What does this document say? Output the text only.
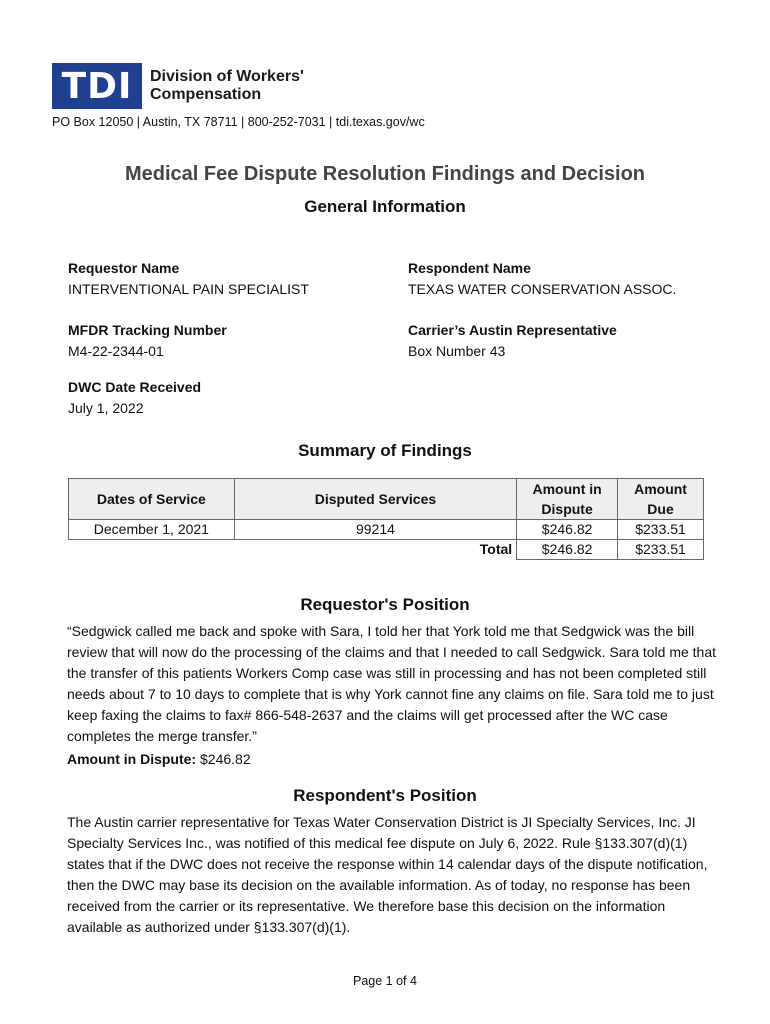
TDI	Division of Workers'
Compensation
PO Box 12050 | Austin, TX 78711 | 800-252-7031 | tdi.texas.gov/wc
Medical Fee Dispute Resolution Findings and Decision
General Information
Requestor Name
INTERVENTIONAL PAIN SPECIALIST
Respondent Name
TEXAS WATER CONSERVATION ASSOC.
MFDR Tracking Number
M4-22-2344-01
Carrier’s Austin Representative
Box Number 43
DWC Date Received
July 1, 2022
Summary of Findings
Dates of Service	Disputed Services	Amount in Dispute	Amount Due
December 1, 2021	99214	$246.82	$233.51
	Total	$246.82	$233.51
Requestor's Position
“Sedgwick called me back and spoke with Sara, I told her that York told me that Sedgwick was the bill review that will now do the processing of the claims and that I needed to call Sedgwick. Sara told me that the transfer of this patients Workers Comp case was still in processing and has not been completed still needs about 7 to 10 days to complete that is why York cannot fine any claims on file. Sara told me to just keep faxing the claims to fax# 866-548-2637 and the claims will get processed after the WC case completes the merge transfer.”
Amount in Dispute: $246.82
Respondent's Position
The Austin carrier representative for Texas Water Conservation District is JI Specialty Services, Inc. JI Specialty Services Inc., was notified of this medical fee dispute on July 6, 2022. Rule §133.307(d)(1) states that if the DWC does not receive the response within 14 calendar days of the dispute notification, then the DWC may base its decision on the available information. As of today, no response has been received from the carrier or its representative. We therefore base this decision on the information available as authorized under §133.307(d)(1).
Page 1 of 4
